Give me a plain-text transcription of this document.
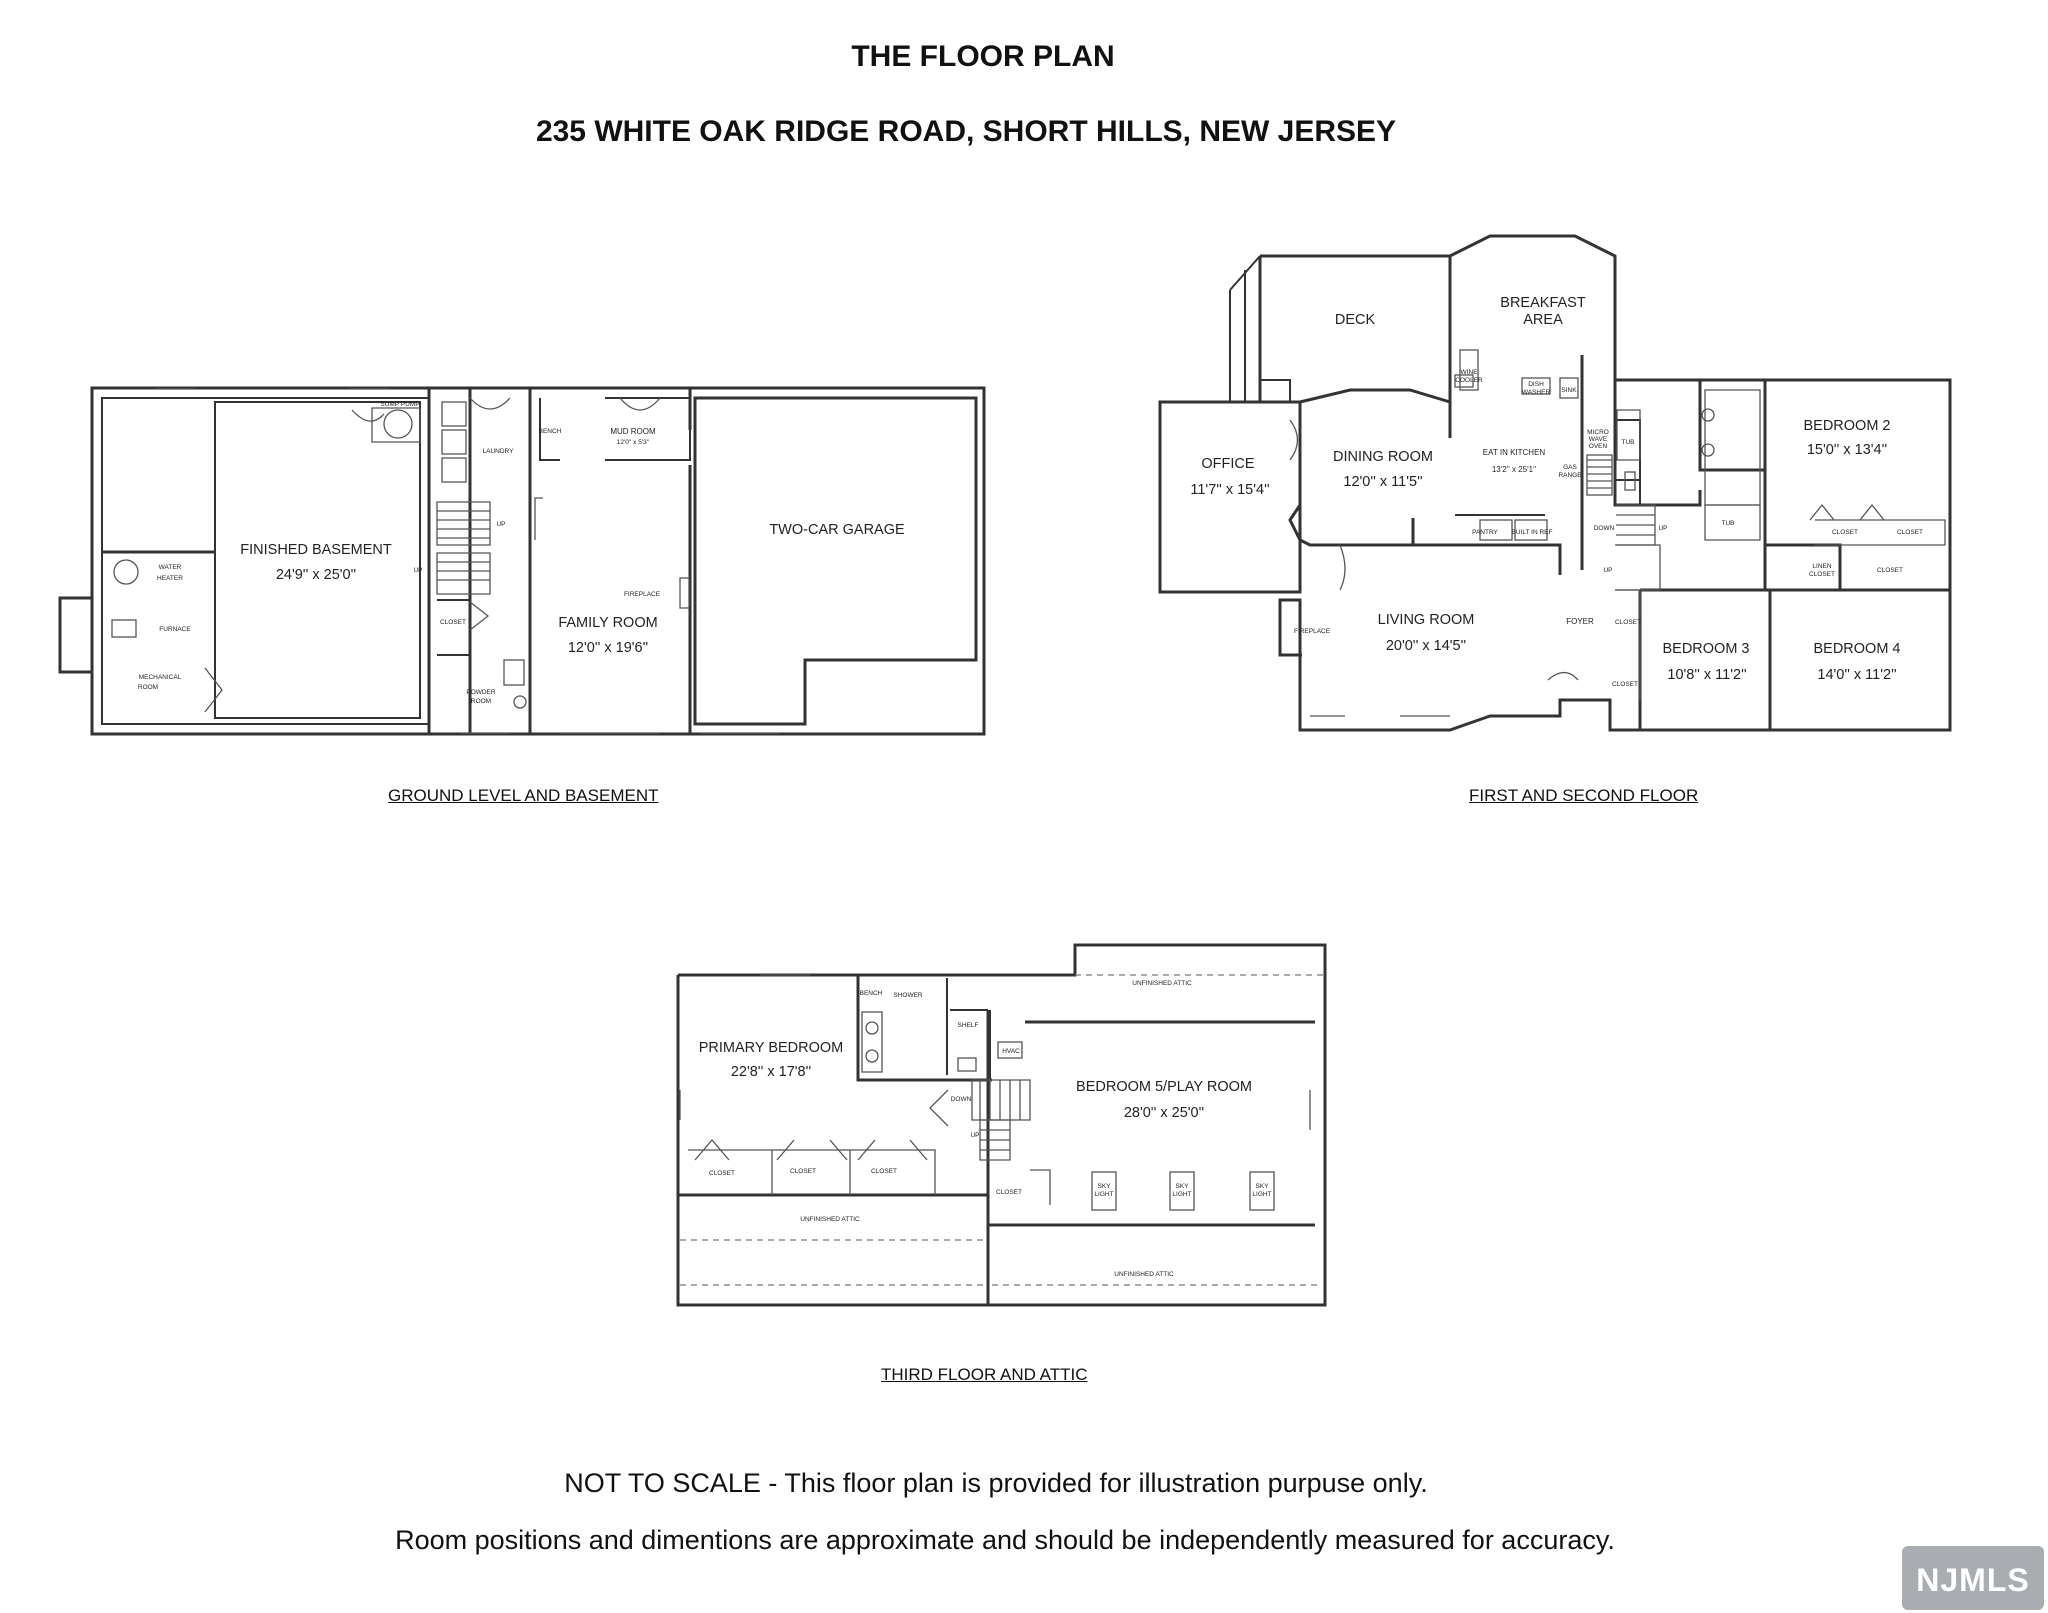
THE FLOOR PLAN
235 WHITE OAK RIDGE ROAD, SHORT HILLS, NEW JERSEY
FINISHED BASEMENT
24'9'' x 25'0''
TWO-CAR GARAGE
FAMILY ROOM
12'0'' x 19'6''
MUD ROOM
12'0'' x 5'3''
LAUNDRY
SUMP PUMP
WATER
HEATER
FURNACE
MECHANICAL
ROOM
CLOSET
POWDER
ROOM
BENCH
FIREPLACE
UP
UP
DECK
BREAKFAST
AREA
OFFICE
11'7'' x 15'4''
DINING ROOM
12'0'' x 11'5''
EAT IN KITCHEN
13'2'' x 25'1''
LIVING ROOM
20'0'' x 14'5''
FOYER
FIREPLACE
PANTRY BUILT IN REF
WINE
COOLER
DISH
WASHER SINK
MICRO
WAVE
OVEN
GAS
RANGE
DOWN	UP
UP
BEDROOM 2
15'0'' x 13'4''
BEDROOM 3
10'8'' x 11'2''
BEDROOM 4
14'0'' x 11'2''
CLOSET	CLOSET
CLOSET
CLOSET
CLOSET
LINEN
CLOSET
TUB
TUB
PRIMARY BEDROOM
22'8'' x 17'8''
BEDROOM 5/PLAY ROOM
28'0'' x 25'0''
UNFINISHED ATTIC
UNFINISHED ATTIC
UNFINISHED ATTIC
CLOSET	CLOSET	CLOSET
CLOSET
SHOWER
BENCH
SHELF
HVAC
DOWN
UP
SKY
LIGHT
SKY
LIGHT
SKY
LIGHT
GROUND LEVEL AND BASEMENT	FIRST AND SECOND FLOOR
THIRD FLOOR AND ATTIC
NOT TO SCALE - This floor plan is provided for illustration purpuse only.
Room positions and dimentions are approximate and should be independently measured for accuracy.
NJMLS
